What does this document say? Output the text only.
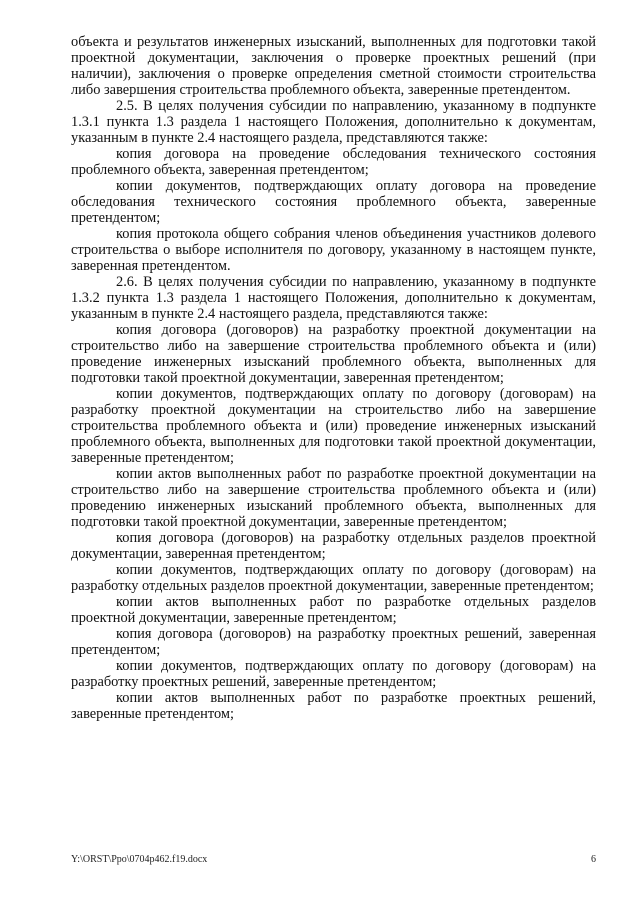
объекта и результатов инженерных изысканий, выполненных для подготовки такой проектной документации, заключения о проверке проектных решений (при наличии), заключения о проверке определения сметной стоимости строительства либо завершения строительства проблемного объекта, заверенные претендентом.

2.5. В целях получения субсидии по направлению, указанному в подпункте 1.3.1 пункта 1.3 раздела 1 настоящего Положения, дополнительно к документам, указанным в пункте 2.4 настоящего раздела, представляются также:

копия договора на проведение обследования технического состояния проблемного объекта, заверенная претендентом;

копии документов, подтверждающих оплату договора на проведение обследования технического состояния проблемного объекта, заверенные претендентом;

копия протокола общего собрания членов объединения участников долевого строительства о выборе исполнителя по договору, указанному в настоящем пункте, заверенная претендентом.

2.6. В целях получения субсидии по направлению, указанному в подпункте 1.3.2 пункта 1.3 раздела 1 настоящего Положения, дополнительно к документам, указанным в пункте 2.4 настоящего раздела, представляются также:

копия договора (договоров) на разработку проектной документации на строительство либо на завершение строительства проблемного объекта и (или) проведение инженерных изысканий проблемного объекта, выполненных для подготовки такой проектной документации, заверенная претендентом;

копии документов, подтверждающих оплату по договору (договорам) на разработку проектной документации на строительство либо на завершение строительства проблемного объекта и (или) проведение инженерных изысканий проблемного объекта, выполненных для подготовки такой проектной документации, заверенные претендентом;

копии актов выполненных работ по разработке проектной документации на строительство либо на завершение строительства проблемного объекта и (или) проведению инженерных изысканий проблемного объекта, выполненных для подготовки такой проектной документации, заверенные претендентом;

копия договора (договоров) на разработку отдельных разделов проектной документации, заверенная претендентом;

копии документов, подтверждающих оплату по договору (договорам) на разработку отдельных разделов проектной документации, заверенные претендентом;

копии актов выполненных работ по разработке отдельных разделов проектной документации, заверенные претендентом;

копия договора (договоров) на разработку проектных решений, заверенная претендентом;

копии документов, подтверждающих оплату по договору (договорам) на разработку проектных решений, заверенные претендентом;

копии актов выполненных работ по разработке проектных решений, заверенные претендентом;

Y:\ORST\Ppo\0704p462.f19.docx	6
